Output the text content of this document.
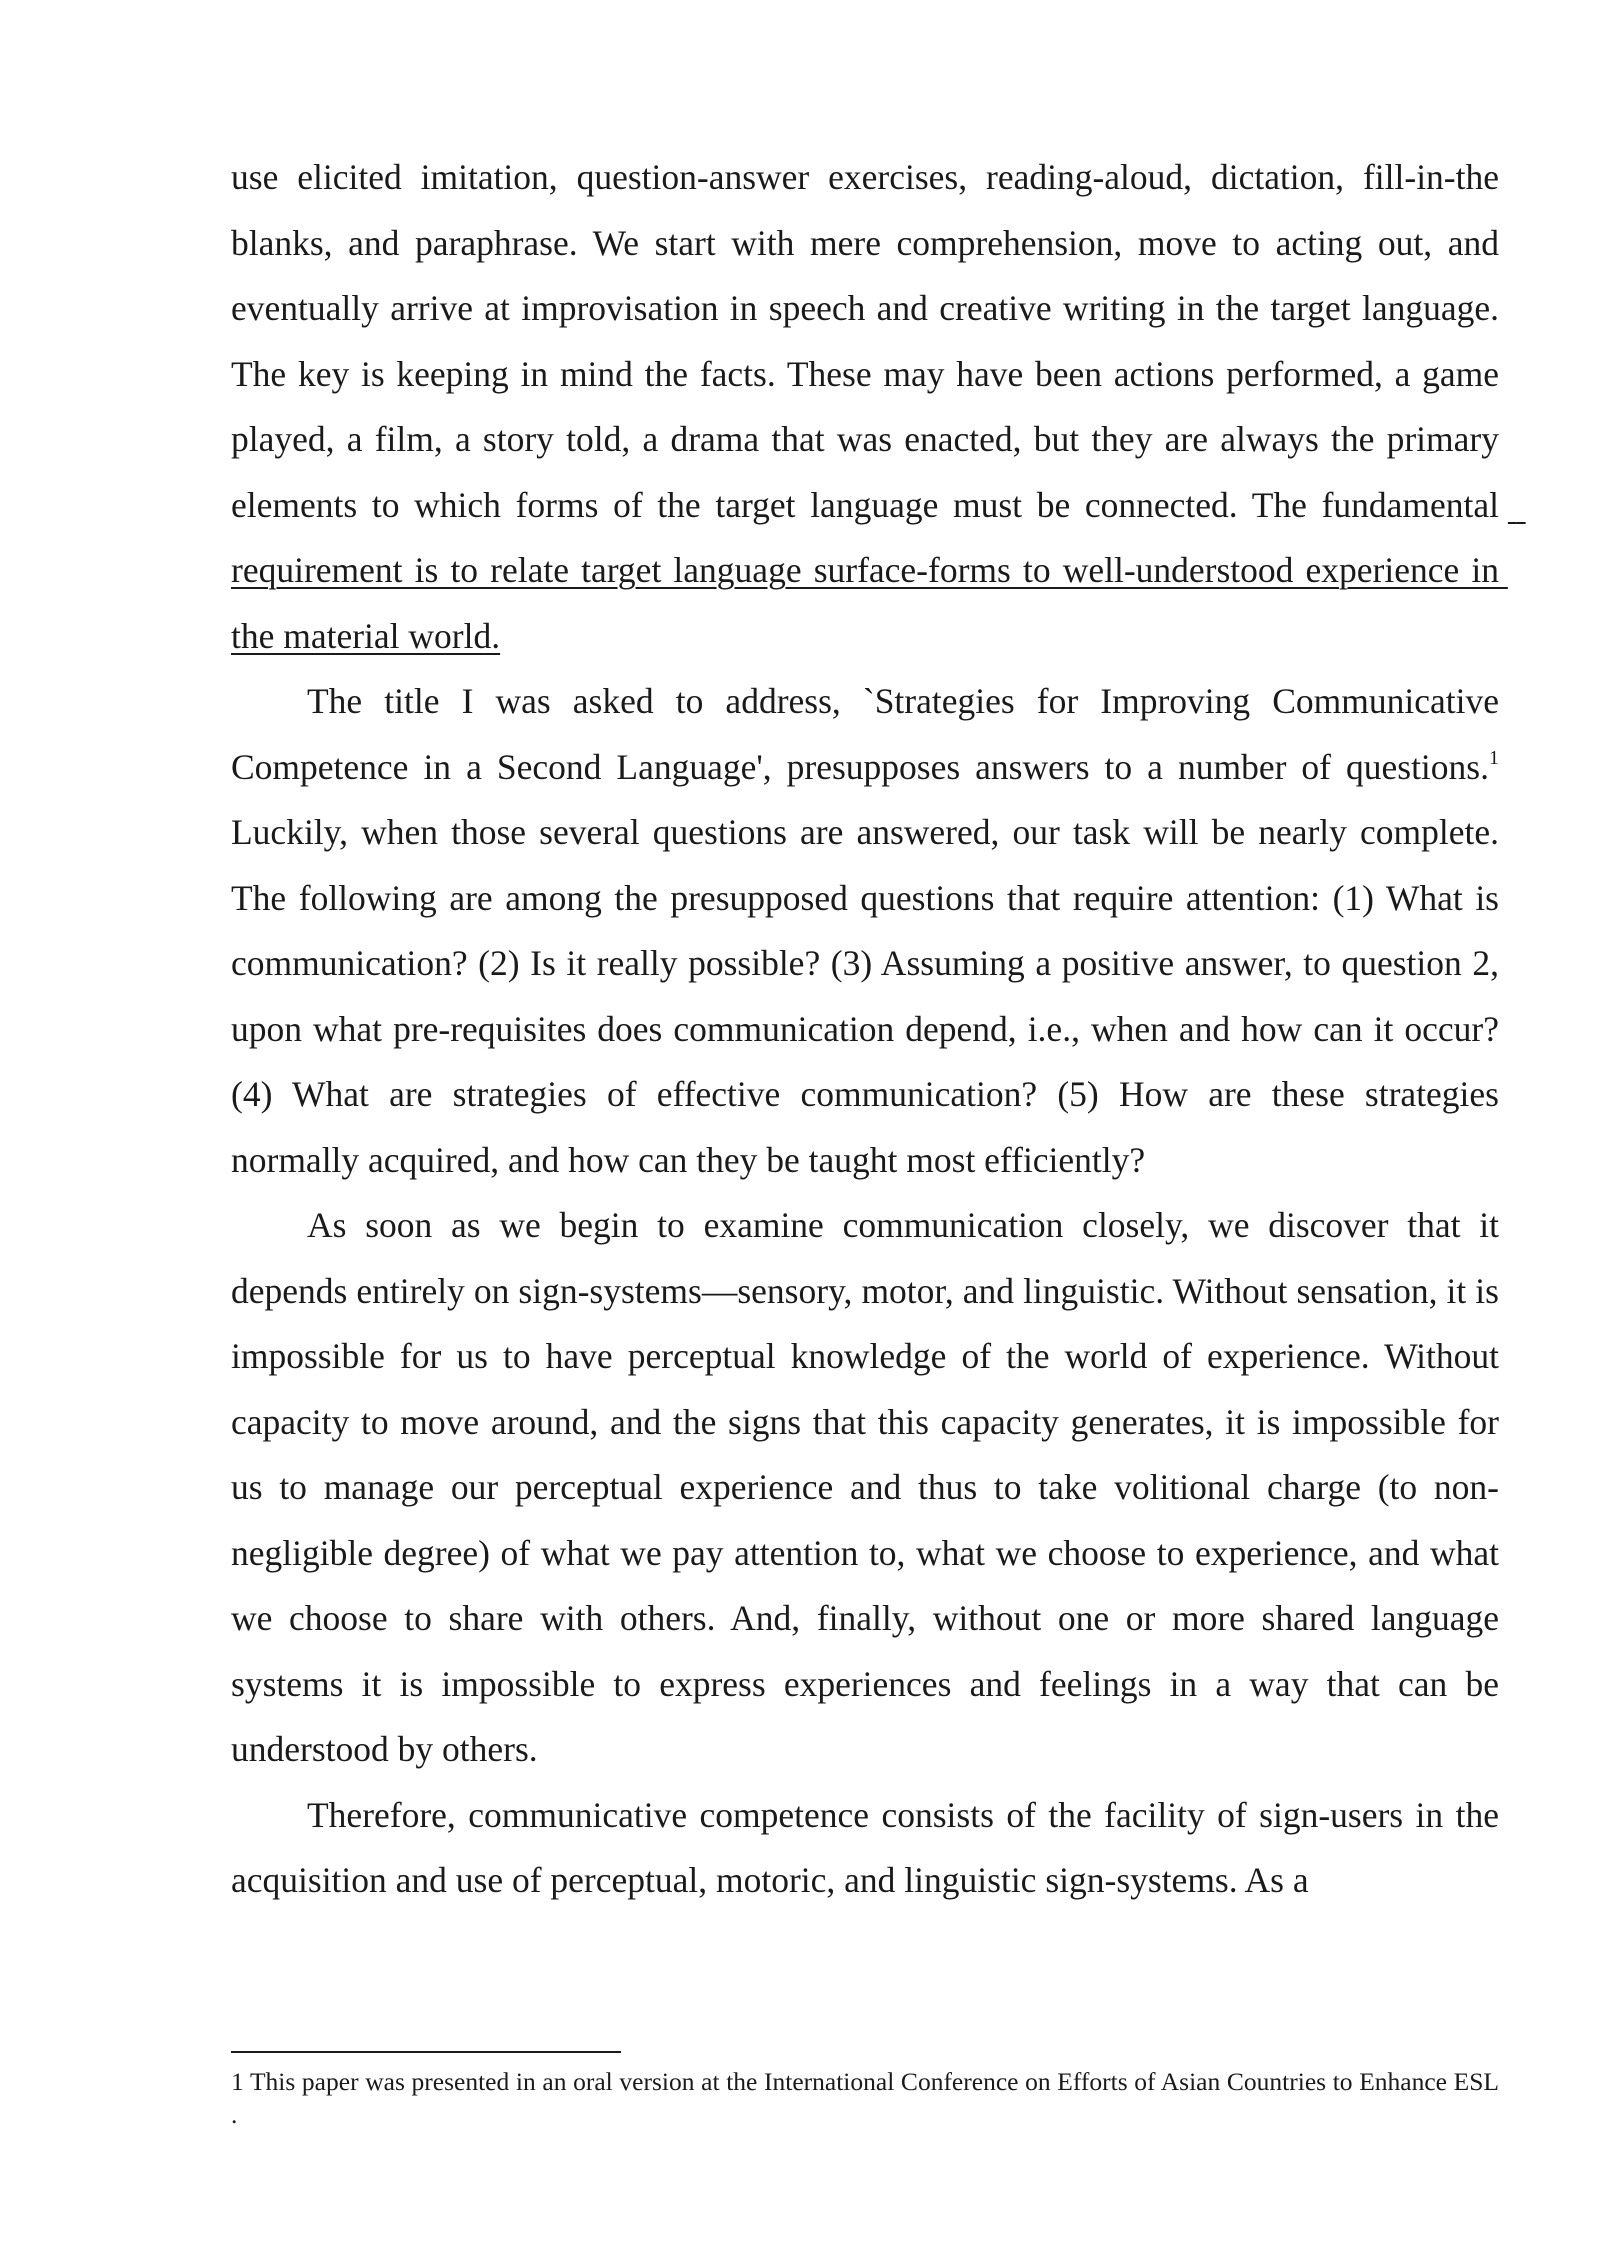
use elicited imitation, question-answer exercises, reading-aloud, dictation, fill-in-the blanks, and paraphrase. We start with mere comprehension, move to acting out, and eventually arrive at improvisation in speech and creative writing in the target language. The key is keeping in mind the facts. These may have been actions performed, a game played, a film, a story told, a drama that was enacted, but they are always the primary elements to which forms of the target language must be connected. The fundamental   requirement is to relate target language surface-forms to well-understood experience in the material world.

The title I was asked to address, `Strategies for Improving Communicative Competence in a Second Language', presupposes answers to a number of questions.$^1$ Luckily, when those several questions are answered, our task will be nearly complete. The following are among the presupposed questions that require attention: (1) What is communication? (2) Is it really possible? (3) Assuming a positive answer, to question 2, upon what pre-requisites does communication depend, i.e., when and how can it occur? (4) What are strategies of effective communication? (5) How are these strategies normally acquired, and how can they be taught most efficiently?

As soon as we begin to examine communication closely, we discover that it depends entirely on sign-systems—sensory, motor, and linguistic. Without sensation, it is impossible for us to have perceptual knowledge of the world of experience. Without capacity to move around, and the signs that this capacity generates, it is impossible for us to manage our perceptual experience and thus to take volitional charge (to non-negligible degree) of what we pay attention to, what we choose to experience, and what we choose to share with others. And, finally, without one or more shared language systems it is impossible to express experiences and feelings in a way that can be understood by others.

Therefore, communicative competence consists of the facility of sign-users in the acquisition and use of perceptual, motoric, and linguistic sign-systems. As a

1 This paper was presented in an oral version at the International Conference on Efforts of Asian Countries to Enhance ESL .
